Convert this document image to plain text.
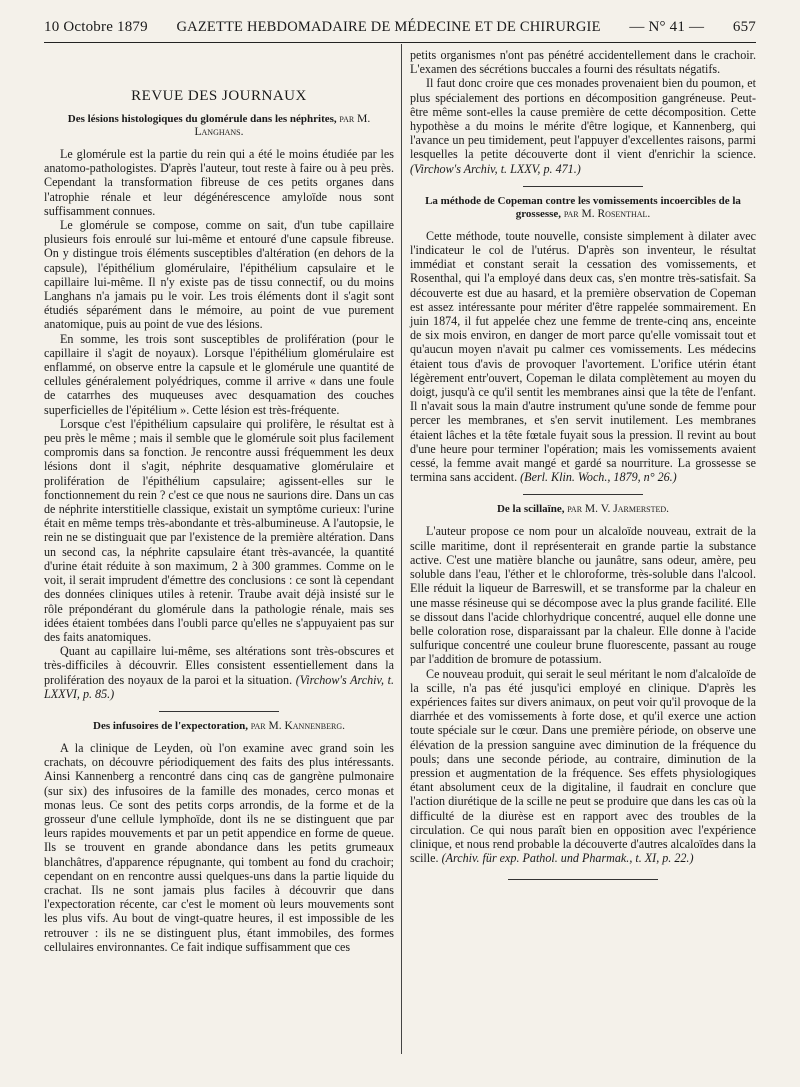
10 Octobre 1879 GAZETTE HEBDOMADAIRE DE MÉDECINE ET DE CHIRURGIE — N° 41 — 657
REVUE DES JOURNAUX
Des lésions histologiques du glomérule dans les néphrites, par M. Langhans.

Le glomérule est la partie du rein qui a été le moins étudiée par les anatomo-pathologistes. D'après l'auteur, tout reste à faire ou à peu près. Cependant la transformation fibreuse de ces petits organes dans l'atrophie rénale et leur dégénérescence amyloïde nous sont suffisamment connues.

Le glomérule se compose, comme on sait, d'un tube capillaire plusieurs fois enroulé sur lui-même et entouré d'une capsule fibreuse. On y distingue trois éléments susceptibles d'altération (en dehors de la capsule), l'épithélium glomérulaire, l'épithélium capsulaire et le capillaire lui-même. Il n'y existe pas de tissu connectif, ou du moins Langhans n'a jamais pu le voir. Les trois éléments dont il s'agit sont étudiés séparément dans le mémoire, au point de vue purement anatomique, puis au point de vue des lésions.

En somme, les trois sont susceptibles de prolifération (pour le capillaire il s'agit de noyaux). Lorsque l'épithélium glomérulaire est enflammé, on observe entre la capsule et le glomérule une quantité de cellules généralement polyédriques, comme il arrive « dans une foule de catarrhes des muqueuses avec desquamation des couches superficielles de l'épitélium ». Cette lésion est très-fréquente.

Lorsque c'est l'épithélium capsulaire qui prolifère, le résultat est à peu près le même ; mais il semble que le glomérule soit plus facilement compromis dans sa fonction. Je rencontre aussi fréquemment les deux lésions dont il s'agit, néphrite desquamative glomérulaire et prolifération de l'épithélium capsulaire; agissent-elles sur le fonctionnement du rein ? c'est ce que nous ne saurions dire. Dans un cas de néphrite interstitielle classique, existait un symptôme curieux: l'urine était en même temps très-abondante et très-albumineuse. A l'autopsie, le rein ne se distinguait que par l'existence de la première altération. Dans un second cas, la néphrite capsulaire étant très-avancée, la quantité d'urine était réduite à son maximum, 2 à 300 grammes. Comme on le voit, il serait imprudent d'émettre des conclusions : ce sont là cependant des données cliniques utiles à retenir. Traube avait déjà insisté sur le rôle prépondérant du glomérule dans la pathologie rénale, mais ses idées étaient tombées dans l'oubli parce qu'elles ne s'appuyaient pas sur des faits anatomiques.

Quant au capillaire lui-même, ses altérations sont très-obscures et très-difficiles à découvrir. Elles consistent essentiellement dans la prolifération des noyaux de la paroi et la situation. (Virchow's Archiv, t. LXXVI, p. 85.)

Des infusoires de l'expectoration, par M. Kannenberg.

A la clinique de Leyden, où l'on examine avec grand soin les crachats, on découvre périodiquement des faits des plus intéressants. Ainsi Kannenberg a rencontré dans cinq cas de gangrène pulmonaire (sur six) des infusoires de la famille des monades, cerco monas et monas leus. Ce sont des petits corps arrondis, de la forme et de la grosseur d'une cellule lymphoïde, dont ils ne se distinguent que par leurs rapides mouvements et par un petit appendice en forme de queue. Ils se trouvent en grande abondance dans les petits grumeaux blanchâtres, d'apparence répugnante, qui tombent au fond du crachoir; cependant on en rencontre aussi quelques-uns dans la partie liquide du crachat. Ils ne sont jamais plus faciles à découvrir que dans l'expectoration récente, car c'est le moment où leurs mouvements sont les plus vifs. Au bout de vingt-quatre heures, il est impossible de les retrouver : ils ne se distinguent plus, étant immobiles, des formes cellulaires environnantes. Ce fait indique suffisamment que ces

petits organismes n'ont pas pénétré accidentellement dans le crachoir. L'examen des sécrétions buccales a fourni des résultats négatifs.

Il faut donc croire que ces monades provenaient bien du poumon, et plus spécialement des portions en décomposition gangréneuse. Peut-être même sont-elles la cause première de cette décomposition. Cette hypothèse a du moins le mérite d'être logique, et Kannenberg, qui l'avance un peu timidement, peut l'appuyer d'excellentes raisons, parmi lesquelles la petite découverte dont il vient d'enrichir la science. (Virchow's Archiv, t. LXXV, p. 471.)

La méthode de Copeman contre les vomissements incoercibles de la grossesse, par M. Rosenthal.

Cette méthode, toute nouvelle, consiste simplement à dilater avec l'indicateur le col de l'utérus. D'après son inventeur, le résultat immédiat et constant serait la cessation des vomissements, et Rosenthal, qui l'a employé dans deux cas, s'en montre très-satisfait. Sa découverte est due au hasard, et la première observation de Copeman est assez intéressante pour mériter d'être rappelée sommairement. En juin 1874, il fut appelée chez une femme de trente-cinq ans, enceinte de six mois environ, en danger de mort parce qu'elle vomissait tout et qu'aucun moyen n'avait pu calmer ces vomissements. Les médecins étaient tous d'avis de provoquer l'avortement. L'orifice utérin étant légèrement entr'ouvert, Copeman le dilata complètement au moyen du doigt, jusqu'à ce qu'il sentit les membranes ainsi que la tête de l'enfant. Il n'avait sous la main d'autre instrument qu'une sonde de femme pour percer les membranes, et s'en servit inutilement. Les membranes étaient lâches et la tête fœtale fuyait sous la pression. Il revint au bout d'une heure pour terminer l'opération; mais les vomissements avaient cessé, la femme avait mangé et gardé sa nourriture. La grossesse se termina sans accident. (Berl. Klin. Woch., 1879, n° 26.)

De la scillaïne, par M. V. Jarmersted.

L'auteur propose ce nom pour un alcaloïde nouveau, extrait de la scille maritime, dont il représenterait en grande partie la substance active. C'est une matière blanche ou jaunâtre, sans odeur, amère, peu soluble dans l'eau, l'éther et le chloroforme, très-soluble dans l'alcool. Elle réduit la liqueur de Barreswill, et se transforme par la chaleur en une masse résineuse qui se décompose avec la plus grande facilité. Elle se dissout dans l'acide chlorhydrique concentré, auquel elle donne une belle coloration rose, disparaissant par la chaleur. Elle donne à l'acide sulfurique concentré une couleur brune fluorescente, passant au rouge par l'addition de bromure de potassium.

Ce nouveau produit, qui serait le seul méritant le nom d'alcaloïde de la scille, n'a pas été jusqu'ici employé en clinique. D'après les expériences faites sur divers animaux, on peut voir qu'il provoque de la diarrhée et des vomissements à forte dose, et qu'il exerce une action toute spéciale sur le cœur. Dans une première période, on observe une élévation de la pression sanguine avec diminution de la fréquence du pouls; dans une seconde période, au contraire, diminution de la pression et augmentation de la fréquence. Ses effets physiologiques étant absolument ceux de la digitaline, il faudrait en conclure que l'action diurétique de la scille ne peut se produire que dans les cas où la difficulté de la diurèse est en rapport avec des troubles de la circulation. Ce qui nous paraît bien en opposition avec l'expérience clinique, et nous rend probable la découverte d'autres alcaloïdes dans la scille. (Archiv. für exp. Pathol. und Pharmak., t. XI, p. 22.)
